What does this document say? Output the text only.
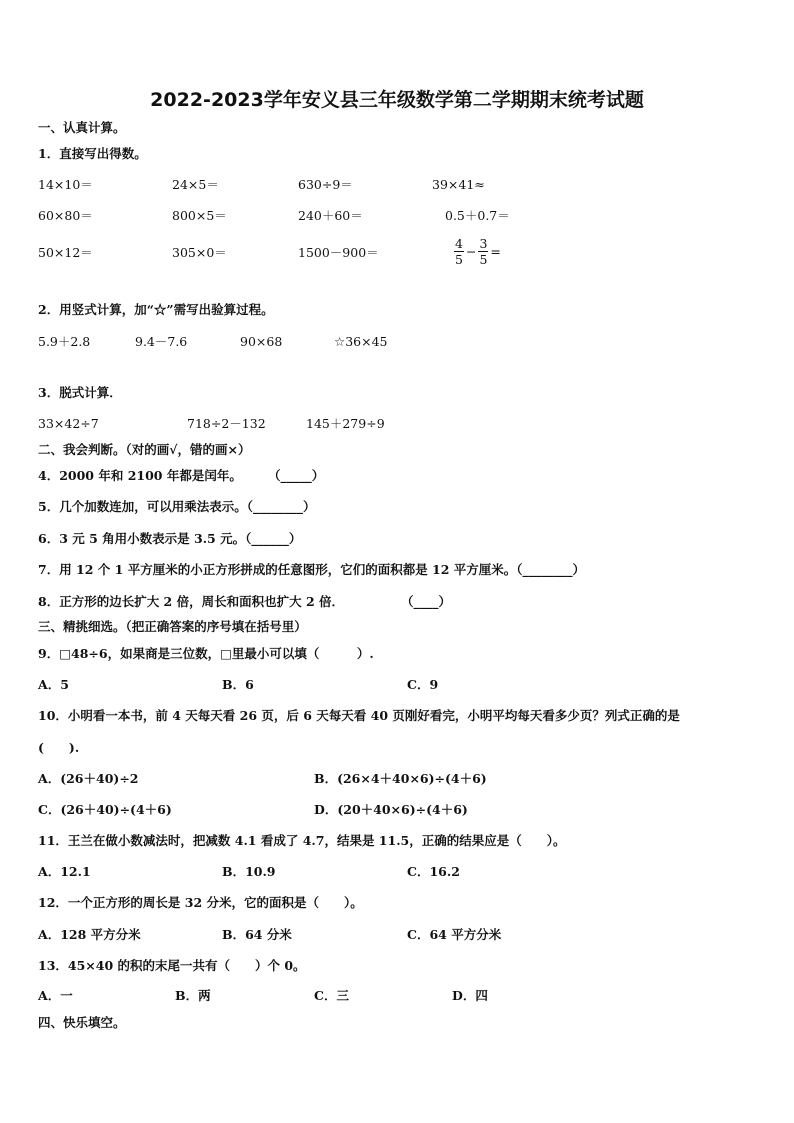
2022-2023学年安义县三年级数学第二学期期末统考试题
一、认真计算。
1．直接写出得数。
14×10＝	24×5＝	630÷9＝	39×41≈
60×80＝	800×5＝	240＋60＝	0.5＋0.7＝
50×12＝	305×0＝	1500－900＝	$\frac{4}{5} - \frac{3}{5}$ =
2．用竖式计算，加“☆”需写出验算过程。
5.9＋2.8	9.4－7.6	90×68	☆36×45
3．脱式计算．
33×42÷7	718÷2－132	145＋279÷9
二、我会判断。（对的画√，错的画×）
4．2000 年和 2100 年都是闰年。 （_____）
5．几个加数连加，可以用乘法表示。（________）
6．3 元 5 角用小数表示是 3.5 元。（______）
7．用 12 个 1 平方厘米的小正方形拼成的任意图形，它们的面积都是 12 平方厘米。（________）
8．正方形的边长扩大 2 倍，周长和面积也扩大 2 倍．	（____）
三、精挑细选。（把正确答案的序号填在括号里）
9．□48÷6，如果商是三位数，□里最小可以填（　　　）.
A．5	B．6	C．9
10．小明看一本书，前 4 天每天看 26 页，后 6 天每天看 40 页刚好看完，小明平均每天看多少页？列式正确的是
(　　).
A．(26＋40)÷2	B．(26×4＋40×6)÷(4＋6)
C．(26＋40)÷(4＋6)	D．(20＋40×6)÷(4＋6)
11．王兰在做小数减法时，把减数 4.1 看成了 4.7，结果是 11.5，正确的结果应是（　　）。
A．12.1	B．10.9	C．16.2
12．一个正方形的周长是 32 分米，它的面积是（　　）。
A．128 平方分米	B．64 分米	C．64 平方分米
13．45×40 的积的末尾一共有（　　）个 0。
A．一	B．两	C．三	D．四
四、快乐填空。
